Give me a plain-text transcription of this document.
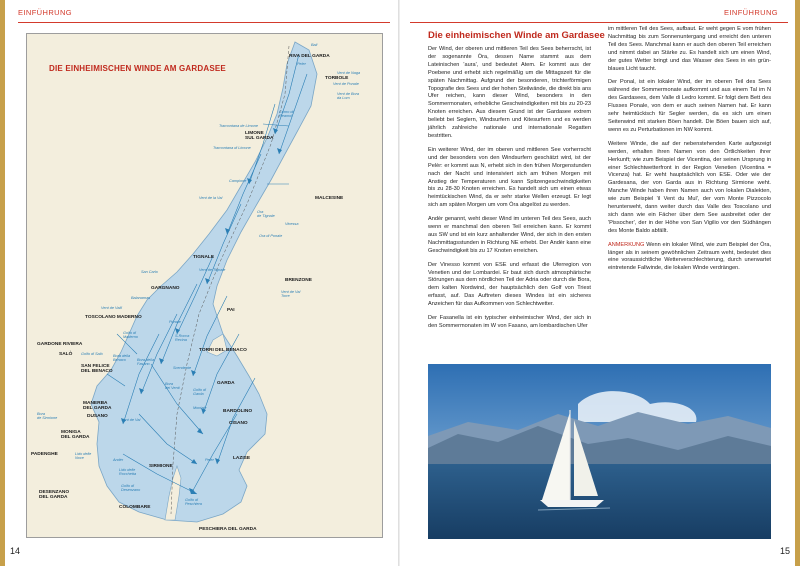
EINFÜHRUNG
DIE EINHEIMISCHEN WINDE AM GARDASEE
RIVA DEL GARDA
TORBOLE
LIMONE
SUL GARDA
MALCESINE
TIGNALE
GARGNANO
BRENZONE
PAI
TOSCOLANO MADERNO
GARDONE RIVIERA
SALÒ
TORRI DEL BENACO
SAN FELICE
DEL BENACO
GARDA
MANERBA
DEL GARDA
DUSANO
BARDOLINO
CISANO
MONIGA
DEL GARDA
PADENGHE
SIRMIONE
LAZISE
DESENZANO
DEL GARDA
COLOMBARE
PESCHIERA DEL GARDA
Bali
Peler
Vent de Naga
Vent de Ponale
Vent de Bora
da Lom
Corno di
Reamol
Tramontana de Limone
Tramontana di Limone
Campione
Vent de la Val
Ora
de Tignale
Vent de Tignale
Vinessa
Ora di Ponale
Vent de Val
Torre
San Carlo
Balanarnas
Vent de Valli
Ponale
Golfo di
Maderno
Golfo di Salò
Bora della
Fasano
S.Rocca
Recina
Bora della
Benaco
Scendente
Bora
dei Venti	Golfo di
Garda
Montale
Vent de Val
Bora
de Sirmione
Lido delle
Noce
Lido delle
Rocchetta
Golfo di
Desenzano
Golfo di
Peschiera
Andèr	Pelèr
14
EINFÜHRUNG
15
Die einheimischen Winde am Gardasee

Der Wind, der oberen und mittleren Teil des Sees beherrscht, ist der sogenannte Òra, dessen Name stammt aus dem Lateinischen 'aura', und bedeutet Atem. Er kommt aus der Poebene und erhebt sich regelmäßig um die Mittagszeit für die späten Nachmittag. Aufgrund der besonderen, trichterförmigen Topografie des Sees und der hohen Steilwände, die direkt bis ans Ufer reichen, kann dieser Wind, besonders in den Sommermonaten, erhebliche Geschwindigkeiten mit bis zu 20-23 Knoten erreichen. Aus diesem Grund ist der Gardasee extrem beliebt bei Seglern, Windsurfern und Kitesurfern und es werden jährlich zahlreiche nationale und internationale Regatten bestritten.

Ein weiterer Wind, der im oberen und mittleren See vorherrscht und der besonders von den Windsurfern geschätzt wird, ist der Pelèr: er kommt aus N, erhebt sich in den frühen Morgenstunden nach der Nacht und intensiviert sich am frühen Morgen mit Anstieg der Temperaturen und kann Spitzengeschwindigkeiten bis zu 28-30 Knoten erreichen. Es handelt sich um einen etwas heimtückischen Wind, da er sehr starke Wellen erzeugt. Er legt sich am späten Morgen um vom Òra abgelöst zu werden.

Andèr genannt, weht dieser Wind im unteren Teil des Sees, auch wenn er manchmal den oberen Teil erreichen kann. Er kommt aus SW und ist ein kurz anhaltender Wind, der sich in den ersten Nachmittagsstunden in Richtung NE erhebt. Der Andèr kann eine Geschwindigkeit bis zu 17 Knoten erreichen.

Der Vinesso kommt von ESE und erfasst die Uferregion von Venetien und der Lombardei. Er baut sich durch atmosphärische Störungen aus dem nördlichen Teil der Adria oder durch die Bora, dem kalten Nordwind, der hauptsächlich den Golf von Triest erfasst, auf. Das Auftreten dieses Windes ist ein sicheres Anzeichen für das Aufkommen von Schlechtwetter.

Der Fasanella ist ein typischer einheimischer Wind, der sich in den Sommermonaten im W von Fasano, am lombardischen Ufer

im mittleren Teil des Sees, aufbaut. Er weht gegen E vom frühen Nachmittag bis zum Sonnenuntergang und erreicht den unteren Teil des Sees. Manchmal kann er auch den oberen Teil erreichen und nimmt dabei an Stärke zu. Es handelt sich um einen Wind, der gutes Wetter bringt und das Wasser des Sees in ein grün-blaues Licht taucht.

Der Ponal, ist ein lokaler Wind, der im oberen Teil des Sees während der Sommermonate aufkommt und aus einem Tal im N des Gardasees, dem Valle di Ledro kommt. Er folgt dem Bett des Flusses Ponale, von dem er auch seinen Namen hat. Er kann sehr heimtückisch für Segler werden, da es sich um einen Seitenwind mit starken Böen handelt. Die Böen bauen sich auf, wenn es zu Perturbationen im NW kommt.

Weitere Winde, die auf der nebenstehenden Karte aufgezeigt werden, erhalten ihren Namen von den Örtlichkeiten ihrer Herkunft; wie zum Beispiel der Vicentina, der seinen Ursprung in einer Schlechtwetterfront in der Region Venetien (Vicentina = Vicenza) hat. Er weht hauptsächlich von ESE. Oder wie der Gardesana, der von Garda aus in Richtung Sirmione weht. Manche Winde haben ihren Namen auch von lokalen Dialekten, wie zum Beispiel 'il Vent du Mul', der vom Monte Pizzocolo herunterweht, dann weiter durch das Valle des Toscolano und sich dann wie ein Fächer über dem See ausbreitet oder der 'Pissocher', der in der Höhe von San Vigilio vor den Südhängen des Monte Baldo abfällt.

ANMERKUNG Wenn ein lokaler Wind, wie zum Beispiel der Òra, länger als in seinem gewöhnlichen Zeitraum weht, bedeutet dies eine voraussichtliche Wetterverschlechterung, durch unerwartet eintretende Fallwinde, die lokalen Winde verdrängen.
